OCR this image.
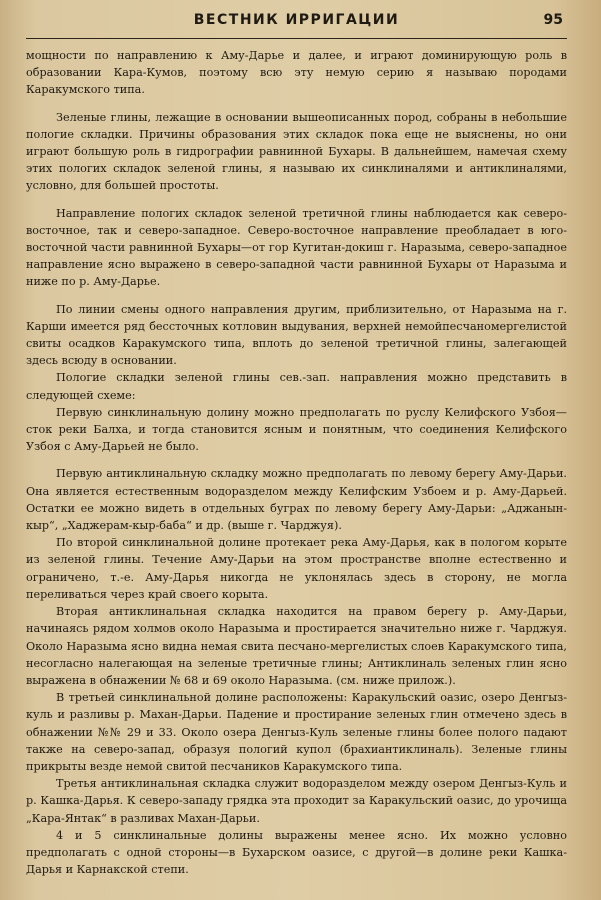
ВЕСТНИК ИРРИГАЦИИ	95

мощности по направлению к Аму-Дарье и далее, и играют доминирующую роль в образовании Кара-Кумов, поэтому всю эту немую серию я называю породами Каракумского типа.

Зеленые глины, лежащие в основании вышеописанных пород, собраны в небольшие пологие складки. Причины образования этих складок пока еще не выяснены, но они играют большую роль в гидрографии равнинной Бухары. В дальнейшем, намечая схему этих пологих складок зеленой глины, я называю их синклиналями и антиклиналями, условно, для большей простоты.

Направление пологих складок зеленой третичной глины наблюдается как северо-восточное, так и северо-западное. Северо-восточное направление преобладает в юго-восточной части равнинной Бухары—от гор Кугитан-докиш г. Наразыма, северо-западное направление ясно выражено в северо-западной части равнинной Бухары от Наразыма и ниже по р. Аму-Дарье.

По линии смены одного направления другим, приблизительно, от Наразыма на г. Карши имеется ряд бессточных котловин выдувания, верхней немойпесчаномергелистой свиты осадков Каракумского типа, вплоть до зеленой третичной глины, залегающей здесь всюду в основании.

Пологие складки зеленой глины сев.-зап. направления можно представить в следующей схеме:

Первую синклинальную долину можно предполагать по руслу Келифского Узбоя—сток реки Балха, и тогда становится ясным и понятным, что соединения Келифского Узбоя с Аму-Дарьей не было.

Первую антиклинальную складку можно предполагать по левому берегу Аму-Дарьи. Она является естественным водоразделом между Келифским Узбоем и р. Аму-Дарьей. Остатки ее можно видеть в отдельных буграх по левому берегу Аму-Дарьи: „Аджанын-кыр“, „Хаджерам-кыр-баба“ и др. (выше г. Чарджуя).

По второй синклинальной долине протекает река Аму-Дарья, как в пологом корыте из зеленой глины. Течение Аму-Дарьи на этом пространстве вполне естественно и ограничено, т.-е. Аму-Дарья никогда не уклонялась здесь в сторону, не могла переливаться через край своего корыта.

Вторая антиклинальная складка находится на правом берегу р. Аму-Дарьи, начинаясь рядом холмов около Наразыма и простирается значительно ниже г. Чарджуя. Около Наразыма ясно видна немая свита песчано-мергелистых слоев Каракумского типа, несогласно налегающая на зеленые третичные глины; Антиклиналь зеленых глин ясно выражена в обнажении № 68 и 69 около Наразыма. (см. ниже прилож.).

В третьей синклинальной долине расположены: Каракульский оазис, озеро Денгыз-куль и разливы р. Махан-Дарьи. Падение и простирание зеленых глин отмечено здесь в обнажении №№ 29 и 33. Около озера Денгыз-Куль зеленые глины более полого падают также на северо-запад, образуя пологий купол (брахиантиклиналь). Зеленые глины прикрыты везде немой свитой песчаников Каракумского типа.

Третья антиклинальная складка служит водоразделом между озером Денгыз-Куль и р. Кашка-Дарья. К северо-западу грядка эта проходит за Каракульский оазис, до урочища „Кара-Янтак“ в разливах Махан-Дарьи.

4 и 5 синклинальные долины выражены менее ясно. Их можно условно предполагать с одной стороны—в Бухарском оазисе, с другой—в долине реки Кашка-Дарья и Карнакской степи.
